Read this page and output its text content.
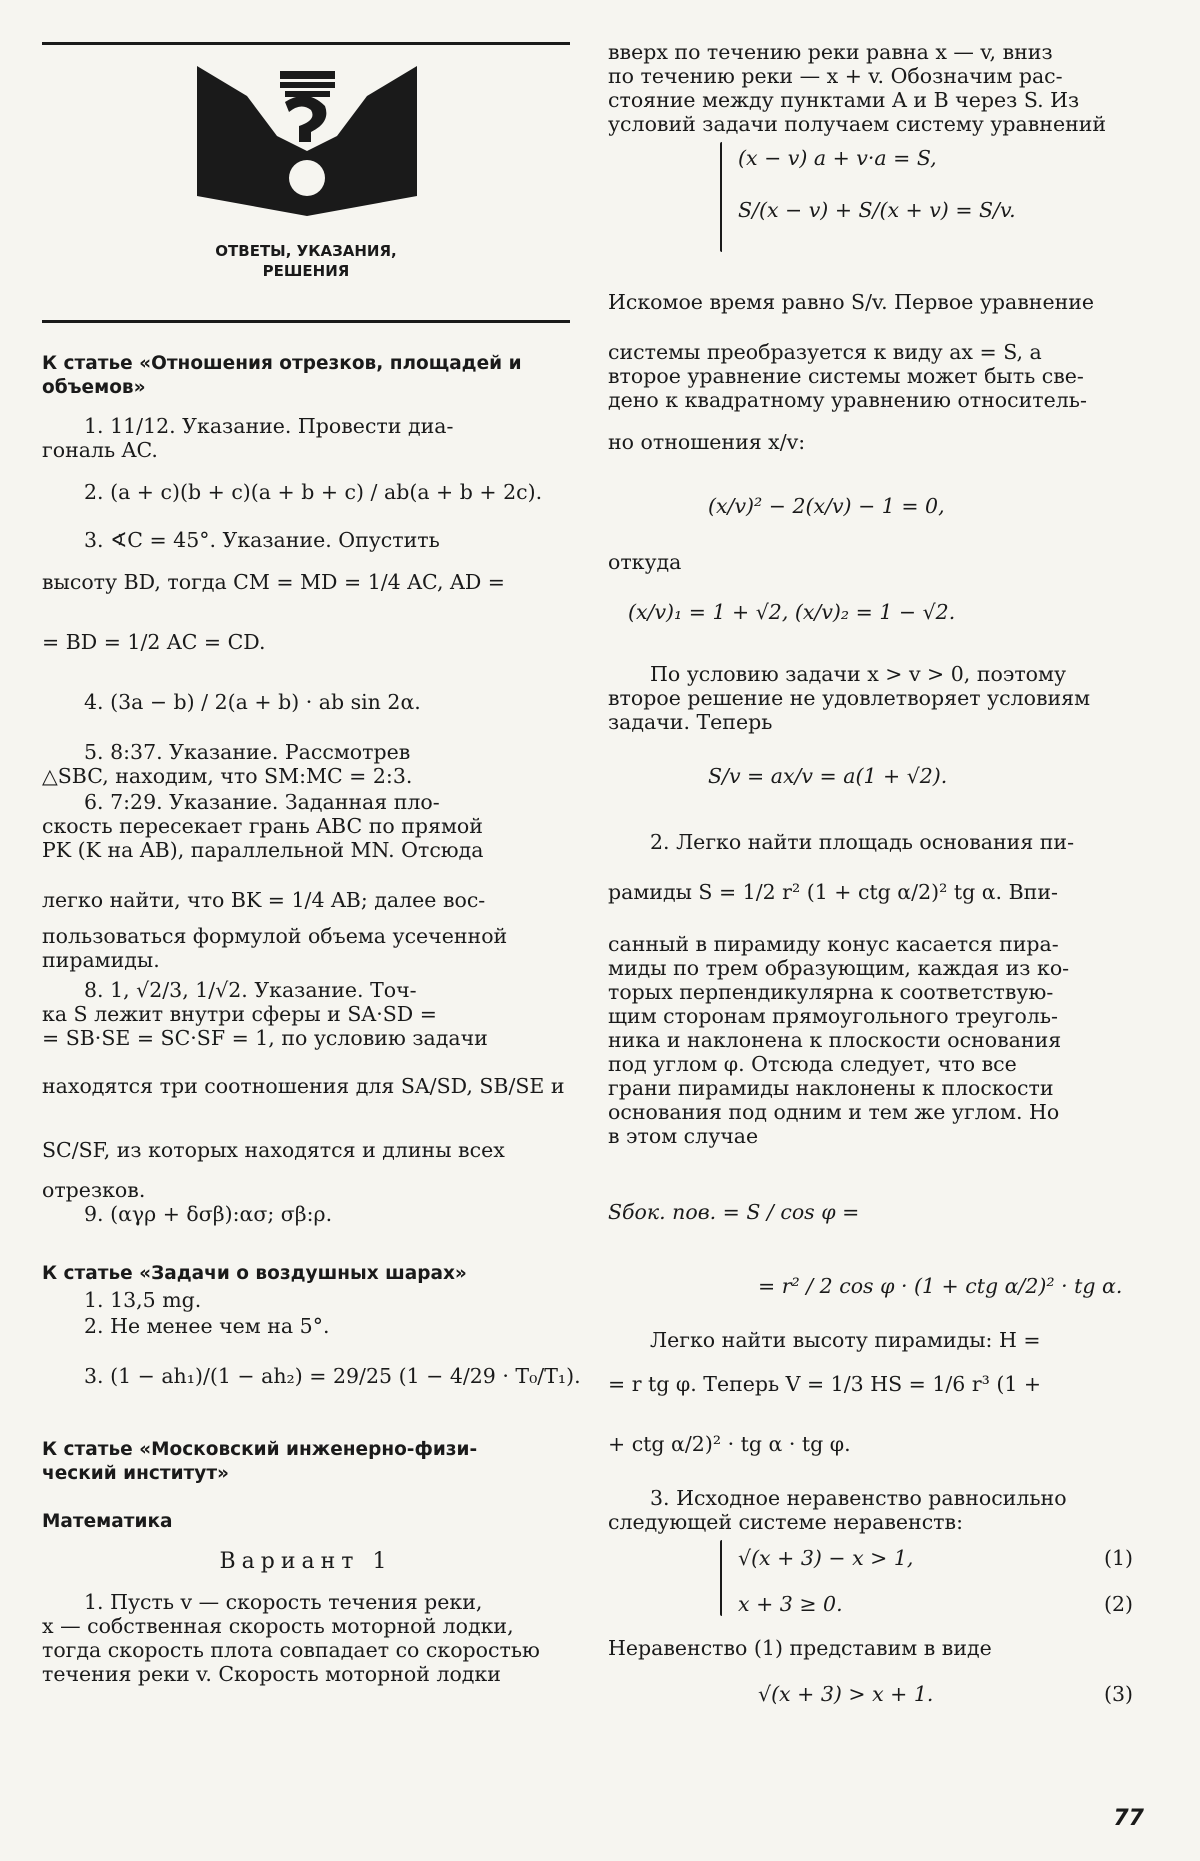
ОТВЕТЫ, УКАЗАНИЯ,
РЕШЕНИЯ
К статье «Отношения отрезков, площадей и
объемов»
1. 11/12. Указание. Провести диа-
гональ AC.
2. (a + c)(b + c)(a + b + c) / ab(a + b + 2c).
3. ∢C = 45°. Указание. Опустить
высоту BD, тогда CM = MD = 1/4 AC, AD =
= BD = 1/2 AC = CD.
4. (3a − b) / 2(a + b) · ab sin 2α.
5. 8:37. Указание. Рассмотрев
△SBC, находим, что SM:MC = 2:3.
6. 7:29. Указание. Заданная пло-
скость пересекает грань ABC по прямой
PK (K на AB), параллельной MN. Отсюда
легко найти, что BK = 1/4 AB; далее вос-
пользоваться формулой объема усеченной
пирамиды.
8. 1, √2/3, 1/√2. Указание. Точ-
ка S лежит внутри сферы и SA·SD =
= SB·SE = SC·SF = 1, по условию задачи
находятся три соотношения для SA/SD, SB/SE и
SC/SF, из которых находятся и длины всех
отрезков.
9. (αγρ + δσβ):ασ; σβ:ρ.
К статье «Задачи о воздушных шарах»
1. 13,5 mg.
2. Не менее чем на 5°.
3. (1 − ah₁)/(1 − ah₂) = 29/25 (1 − 4/29 · T₀/T₁).
К статье «Московский инженерно-физи-
ческий институт»
Математика
Вариант 1
1. Пусть v — скорость течения реки,
x — собственная скорость моторной лодки,
тогда скорость плота совпадает со скоростью
течения реки v. Скорость моторной лодки
вверх по течению реки равна x — v, вниз
по течению реки — x + v. Обозначим рас-
стояние между пунктами A и B через S. Из
условий задачи получаем систему уравнений
(x − v) a + v·a = S,
S/(x − v) + S/(x + v) = S/v.
Искомое время равно S/v. Первое уравнение
системы преобразуется к виду ax = S, а
второе уравнение системы может быть све-
дено к квадратному уравнению относитель-
но отношения x/v:
(x/v)² − 2(x/v) − 1 = 0,
откуда
(x/v)₁ = 1 + √2, (x/v)₂ = 1 − √2.
По условию задачи x > v > 0, поэтому
второе решение не удовлетворяет условиям
задачи. Теперь
S/v = ax/v = a(1 + √2).
2. Легко найти площадь основания пи-
рамиды S = 1/2 r² (1 + ctg α/2)² tg α. Впи-
санный в пирамиду конус касается пира-
миды по трем образующим, каждая из ко-
торых перпендикулярна к соответствую-
щим сторонам прямоугольного треуголь-
ника и наклонена к плоскости основания
под углом φ. Отсюда следует, что все
грани пирамиды наклонены к плоскости
основания под одним и тем же углом. Но
в этом случае
Sбок. пов. = S / cos φ =
= r² / 2 cos φ · (1 + ctg α/2)² · tg α.
Легко найти высоту пирамиды: H =
= r tg φ. Теперь V = 1/3 HS = 1/6 r³ (1 +
+ ctg α/2)² · tg α · tg φ.
3. Исходное неравенство равносильно
следующей системе неравенств:
√(x + 3) − x > 1,	(1)
x + 3 ≥ 0.	(2)
Неравенство (1) представим в виде
√(x + 3) > x + 1.	(3)
77
